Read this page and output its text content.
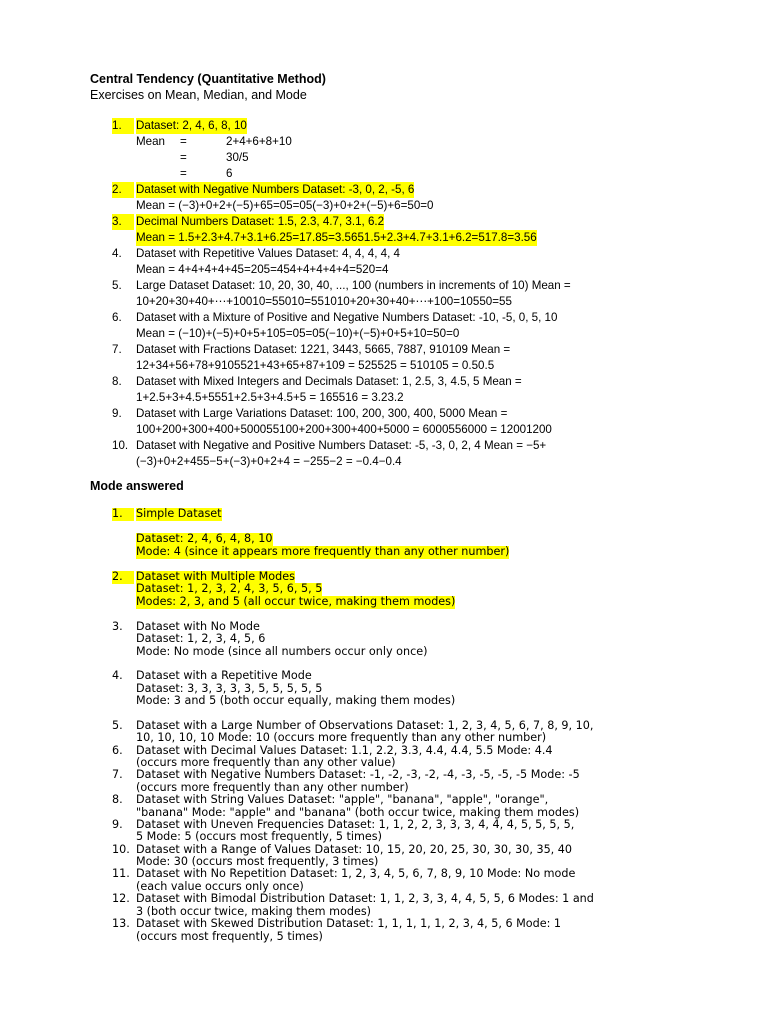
Central Tendency (Quantitative Method)
Exercises on Mean, Median, and Mode
1.	Dataset: 2, 4, 6, 8, 10
Mean =	2+4+6+8+10
=	30/5
=	6
2.	Dataset with Negative Numbers Dataset: -3, 0, 2, -5, 6
Mean = (−3)+0+2+(−5)+65=05=05(−3)+0+2+(−5)+6=50=0
3.	Decimal Numbers Dataset: 1.5, 2.3, 4.7, 3.1, 6.2
Mean = 1.5+2.3+4.7+3.1+6.25=17.85=3.5651.5+2.3+4.7+3.1+6.2=517.8=3.56
4.	Dataset with Repetitive Values Dataset: 4, 4, 4, 4, 4
Mean = 4+4+4+4+45=205=454+4+4+4+4=520=4
5.	Large Dataset Dataset: 10, 20, 30, 40, ..., 100 (numbers in increments of 10) Mean =
10+20+30+40+⋯+10010=55010=551010+20+30+40+⋯+100=10550=55
6.	Dataset with a Mixture of Positive and Negative Numbers Dataset: -10, -5, 0, 5, 10
Mean = (−10)+(−5)+0+5+105=05=05(−10)+(−5)+0+5+10=50=0
7.	Dataset with Fractions Dataset: 1221, 3443, 5665, 7887, 910109 Mean =
12+34+56+78+9105521+43+65+87+109 = 525525 = 510105 = 0.50.5
8.	Dataset with Mixed Integers and Decimals Dataset: 1, 2.5, 3, 4.5, 5 Mean =
1+2.5+3+4.5+5551+2.5+3+4.5+5 = 165516 = 3.23.2
9.	Dataset with Large Variations Dataset: 100, 200, 300, 400, 5000 Mean =
100+200+300+400+500055100+200+300+400+5000 = 6000556000 = 12001200
10. Dataset with Negative and Positive Numbers Dataset: -5, -3, 0, 2, 4 Mean = −5+
(−3)+0+2+455−5+(−3)+0+2+4 = −255−2 = −0.4−0.4
Mode answered
1.	Simple Dataset
Dataset: 2, 4, 6, 4, 8, 10
Mode: 4 (since it appears more frequently than any other number)
2.	Dataset with Multiple Modes
Dataset: 1, 2, 3, 2, 4, 3, 5, 6, 5, 5
Modes: 2, 3, and 5 (all occur twice, making them modes)
3.	Dataset with No Mode
Dataset: 1, 2, 3, 4, 5, 6
Mode: No mode (since all numbers occur only once)
4.	Dataset with a Repetitive Mode
Dataset: 3, 3, 3, 3, 3, 5, 5, 5, 5, 5
Mode: 3 and 5 (both occur equally, making them modes)
5.	Dataset with a Large Number of Observations Dataset: 1, 2, 3, 4, 5, 6, 7, 8, 9, 10,
10, 10, 10, 10 Mode: 10 (occurs more frequently than any other number)
6.	Dataset with Decimal Values Dataset: 1.1, 2.2, 3.3, 4.4, 4.4, 5.5 Mode: 4.4
(occurs more frequently than any other value)
7.	Dataset with Negative Numbers Dataset: -1, -2, -3, -2, -4, -3, -5, -5, -5 Mode: -5
(occurs more frequently than any other number)
8.	Dataset with String Values Dataset: "apple", "banana", "apple", "orange",
"banana" Mode: "apple" and "banana" (both occur twice, making them modes)
9.	Dataset with Uneven Frequencies Dataset: 1, 1, 2, 2, 3, 3, 3, 4, 4, 4, 5, 5, 5, 5,
5 Mode: 5 (occurs most frequently, 5 times)
10. Dataset with a Range of Values Dataset: 10, 15, 20, 20, 25, 30, 30, 30, 35, 40
Mode: 30 (occurs most frequently, 3 times)
11. Dataset with No Repetition Dataset: 1, 2, 3, 4, 5, 6, 7, 8, 9, 10 Mode: No mode
(each value occurs only once)
12. Dataset with Bimodal Distribution Dataset: 1, 1, 2, 3, 3, 4, 4, 5, 5, 6 Modes: 1 and
3 (both occur twice, making them modes)
13. Dataset with Skewed Distribution Dataset: 1, 1, 1, 1, 1, 2, 3, 4, 5, 6 Mode: 1
(occurs most frequently, 5 times)
